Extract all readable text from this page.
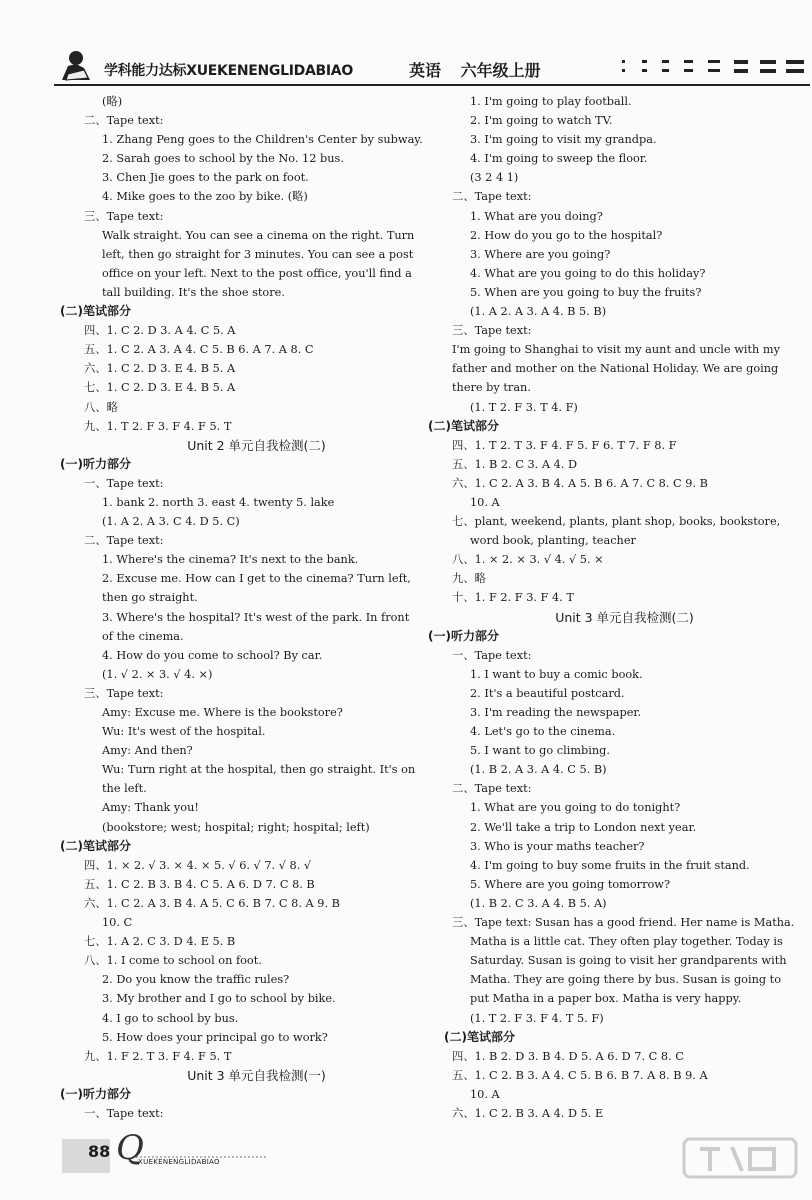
学科能力达标XUEKENENGLIDABIAO	英语 六年级上册
(略)
二、Tape text:
1. Zhang Peng goes to the Children's Center by subway.
2. Sarah goes to school by the No. 12 bus.
3. Chen Jie goes to the park on foot.
4. Mike goes to the zoo by bike. (略)
三、Tape text:
Walk straight. You can see a cinema on the right. Turn
left, then go straight for 3 minutes. You can see a post
office on your left. Next to the post office, you'll find a
tall building. It's the shoe store.
(二)笔试部分
四、1. C 2. D 3. A 4. C 5. A
五、1. C 2. A 3. A 4. C 5. B 6. A 7. A 8. C
六、1. C 2. D 3. E 4. B 5. A
七、1. C 2. D 3. E 4. B 5. A
八、略
九、1. T 2. F 3. F 4. F 5. T
Unit 2 单元自我检测(二)
(一)听力部分
一、Tape text:
1. bank 2. north 3. east 4. twenty 5. lake
(1. A 2. A 3. C 4. D 5. C)
二、Tape text:
1. Where's the cinema? It's next to the bank.
2. Excuse me. How can I get to the cinema? Turn left,
then go straight.
3. Where's the hospital? It's west of the park. In front
of the cinema.
4. How do you come to school? By car.
(1. √ 2. × 3. √ 4. ×)
三、Tape text:
Amy: Excuse me. Where is the bookstore?
Wu: It's west of the hospital.
Amy: And then?
Wu: Turn right at the hospital, then go straight. It's on
the left.
Amy: Thank you!
(bookstore; west; hospital; right; hospital; left)
(二)笔试部分
四、1. × 2. √ 3. × 4. × 5. √ 6. √ 7. √ 8. √
五、1. C 2. B 3. B 4. C 5. A 6. D 7. C 8. B
六、1. C 2. A 3. B 4. A 5. C 6. B 7. C 8. A 9. B
10. C
七、1. A 2. C 3. D 4. E 5. B
八、1. I come to school on foot.
2. Do you know the traffic rules?
3. My brother and I go to school by bike.
4. I go to school by bus.
5. How does your principal go to work?
九、1. F 2. T 3. F 4. F 5. T
Unit 3 单元自我检测(一)
(一)听力部分
一、Tape text:
1. I'm going to play football.
2. I'm going to watch TV.
3. I'm going to visit my grandpa.
4. I'm going to sweep the floor.
(3 2 4 1)
二、Tape text:
1. What are you doing?
2. How do you go to the hospital?
3. Where are you going?
4. What are you going to do this holiday?
5. When are you going to buy the fruits?
(1. A 2. A 3. A 4. B 5. B)
三、Tape text:
I'm going to Shanghai to visit my aunt and uncle with my
father and mother on the National Holiday. We are going
there by tran.
(1. T 2. F 3. T 4. F)
(二)笔试部分
四、1. T 2. T 3. F 4. F 5. F 6. T 7. F 8. F
五、1. B 2. C 3. A 4. D
六、1. C 2. A 3. B 4. A 5. B 6. A 7. C 8. C 9. B
10. A
七、plant, weekend, plants, plant shop, books, bookstore,
word book, planting, teacher
八、1. × 2. × 3. √ 4. √ 5. ×
九、略
十、1. F 2. F 3. F 4. T
Unit 3 单元自我检测(二)
(一)听力部分
一、Tape text:
1. I want to buy a comic book.
2. It's a beautiful postcard.
3. I'm reading the newspaper.
4. Let's go to the cinema.
5. I want to go climbing.
(1. B 2. A 3. A 4. C 5. B)
二、Tape text:
1. What are you going to do tonight?
2. We'll take a trip to London next year.
3. Who is your maths teacher?
4. I'm going to buy some fruits in the fruit stand.
5. Where are you going tomorrow?
(1. B 2. C 3. A 4. B 5. A)
三、Tape text: Susan has a good friend. Her name is Matha.
Matha is a little cat. They often play together. Today is
Saturday. Susan is going to visit her grandparents with
Matha. They are going there by bus. Susan is going to
put Matha in a paper box. Matha is very happy.
(1. T 2. F 3. F 4. T 5. F)
(二)笔试部分
四、1. B 2. D 3. B 4. D 5. A 6. D 7. C 8. C
五、1. C 2. B 3. A 4. C 5. B 6. B 7. A 8. B 9. A
10. A
六、1. C 2. B 3. A 4. D 5. E
88 Q
XUEKENENGLIDABIAO
